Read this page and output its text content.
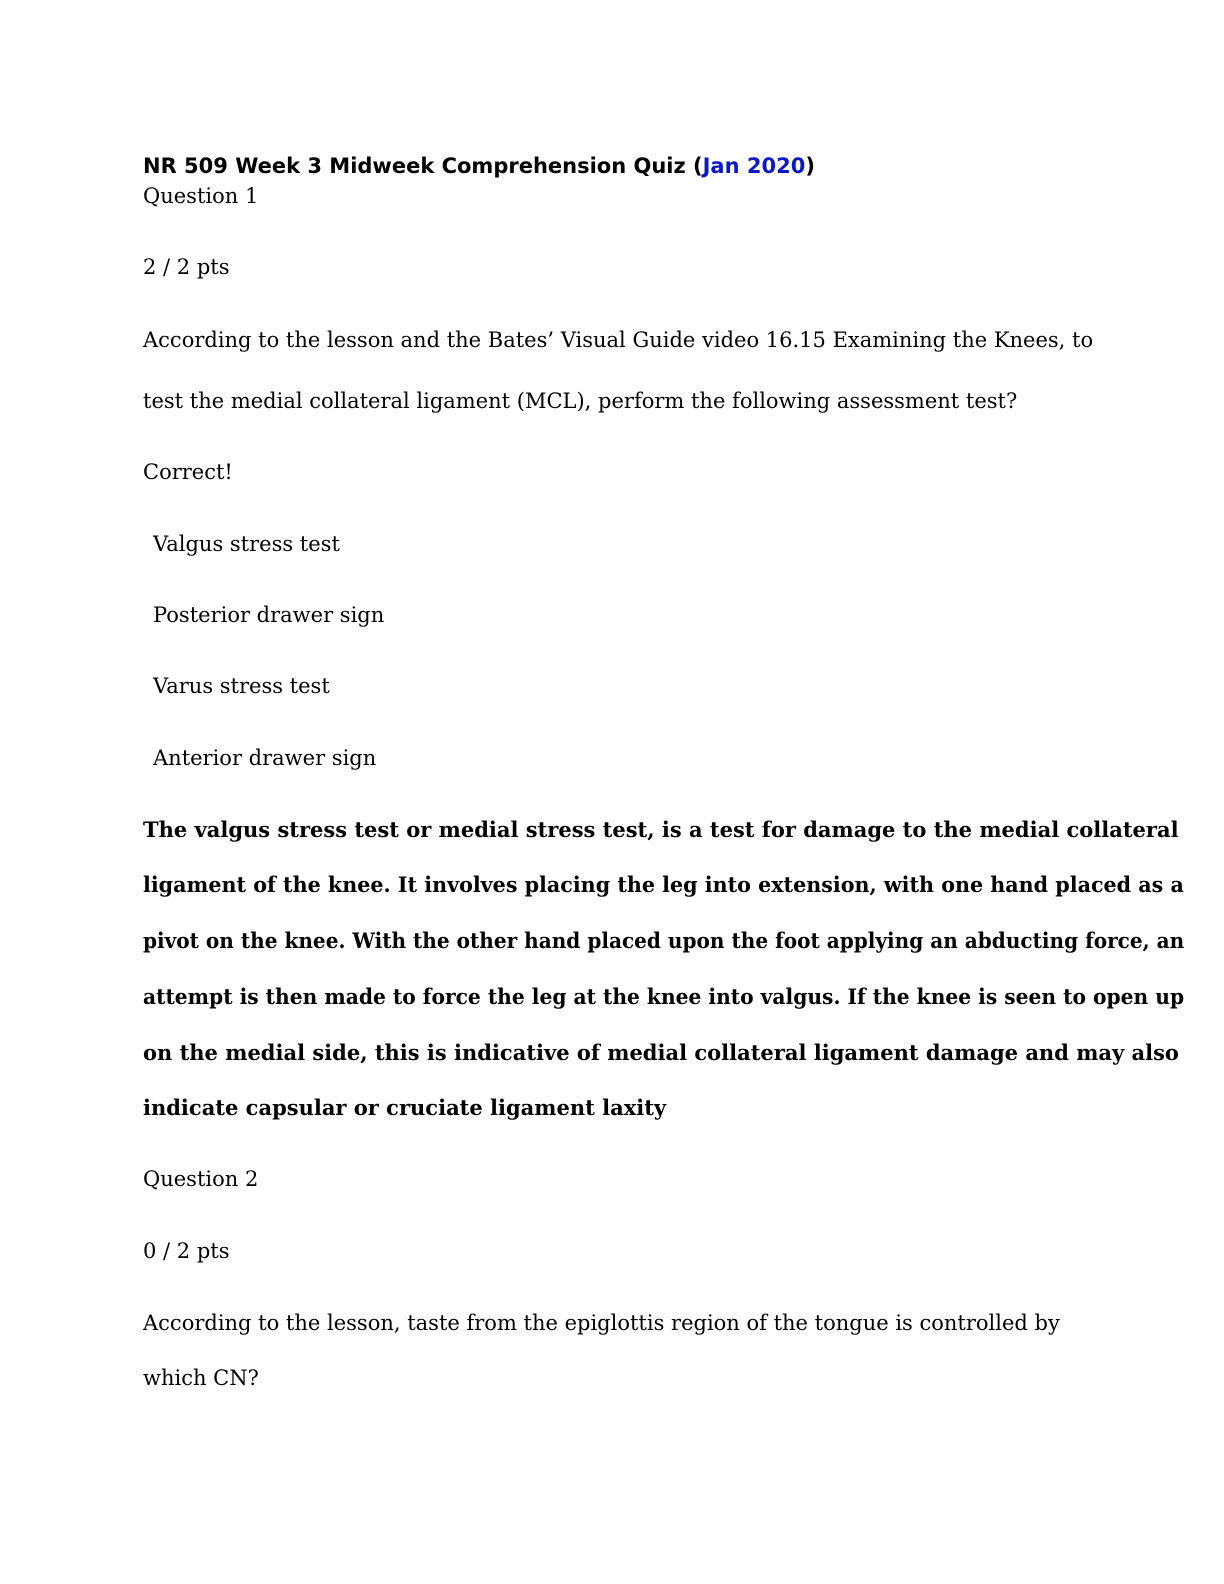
NR 509 Week 3 Midweek Comprehension Quiz (Jan 2020)
Question 1
2 / 2 pts
According to the lesson and the Bates’ Visual Guide video 16.15 Examining the Knees, to
test the medial collateral ligament (MCL), perform the following assessment test?
Correct!
Valgus stress test
Posterior drawer sign
Varus stress test
Anterior drawer sign
The valgus stress test or medial stress test, is a test for damage to the medial collateral
ligament of the knee. It involves placing the leg into extension, with one hand placed as a
pivot on the knee. With the other hand placed upon the foot applying an abducting force, an
attempt is then made to force the leg at the knee into valgus. If the knee is seen to open up
on the medial side, this is indicative of medial collateral ligament damage and may also
indicate capsular or cruciate ligament laxity
Question 2
0 / 2 pts
According to the lesson, taste from the epiglottis region of the tongue is controlled by
which CN?
